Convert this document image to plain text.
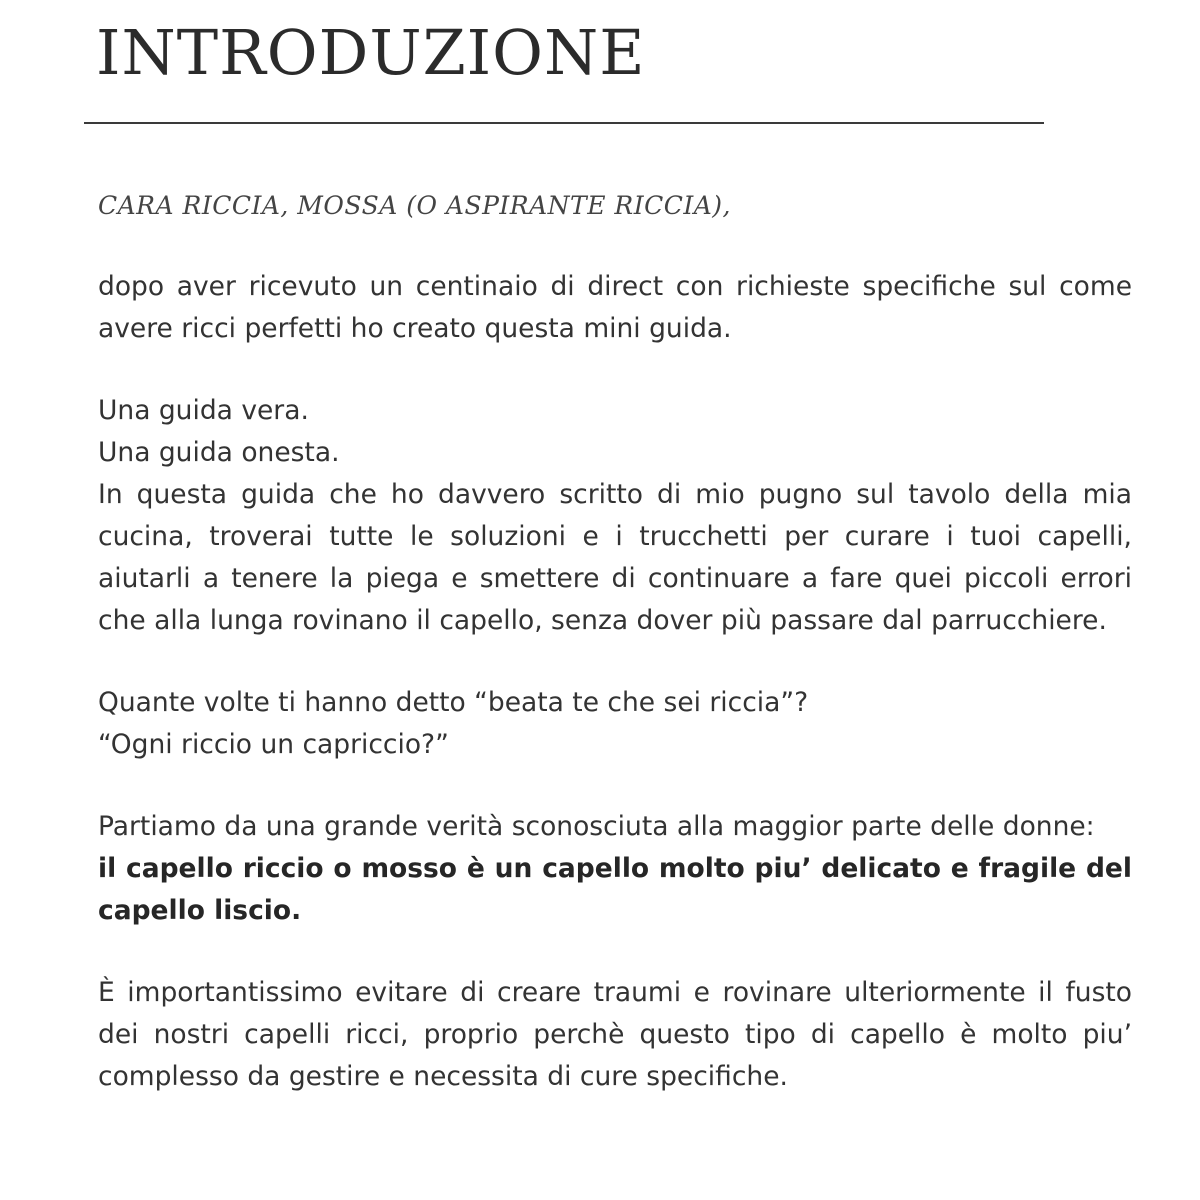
INTRODUZIONE

CARA RICCIA, MOSSA (O ASPIRANTE RICCIA),

dopo aver ricevuto un centinaio di direct con richieste specifiche sul come avere ricci perfetti ho creato questa mini guida.

Una guida vera.
Una guida onesta.
In questa guida che ho davvero scritto di mio pugno sul tavolo della mia cucina, troverai tutte le soluzioni e i trucchetti per curare i tuoi capelli, aiutarli a tenere la piega e smettere di continuare a fare quei piccoli errori che alla lunga rovinano il capello, senza dover più passare dal parrucchiere.

Quante volte ti hanno detto “beata te che sei riccia”?
“Ogni riccio un capriccio?”

Partiamo da una grande verità sconosciuta alla maggior parte delle donne:
il capello riccio o mosso è un capello molto piu’ delicato e fragile del capello liscio.

È importantissimo evitare di creare traumi e rovinare ulteriormente il fusto dei nostri capelli ricci, proprio perchè questo tipo di capello è molto piu’ complesso da gestire e necessita di cure specifiche.
